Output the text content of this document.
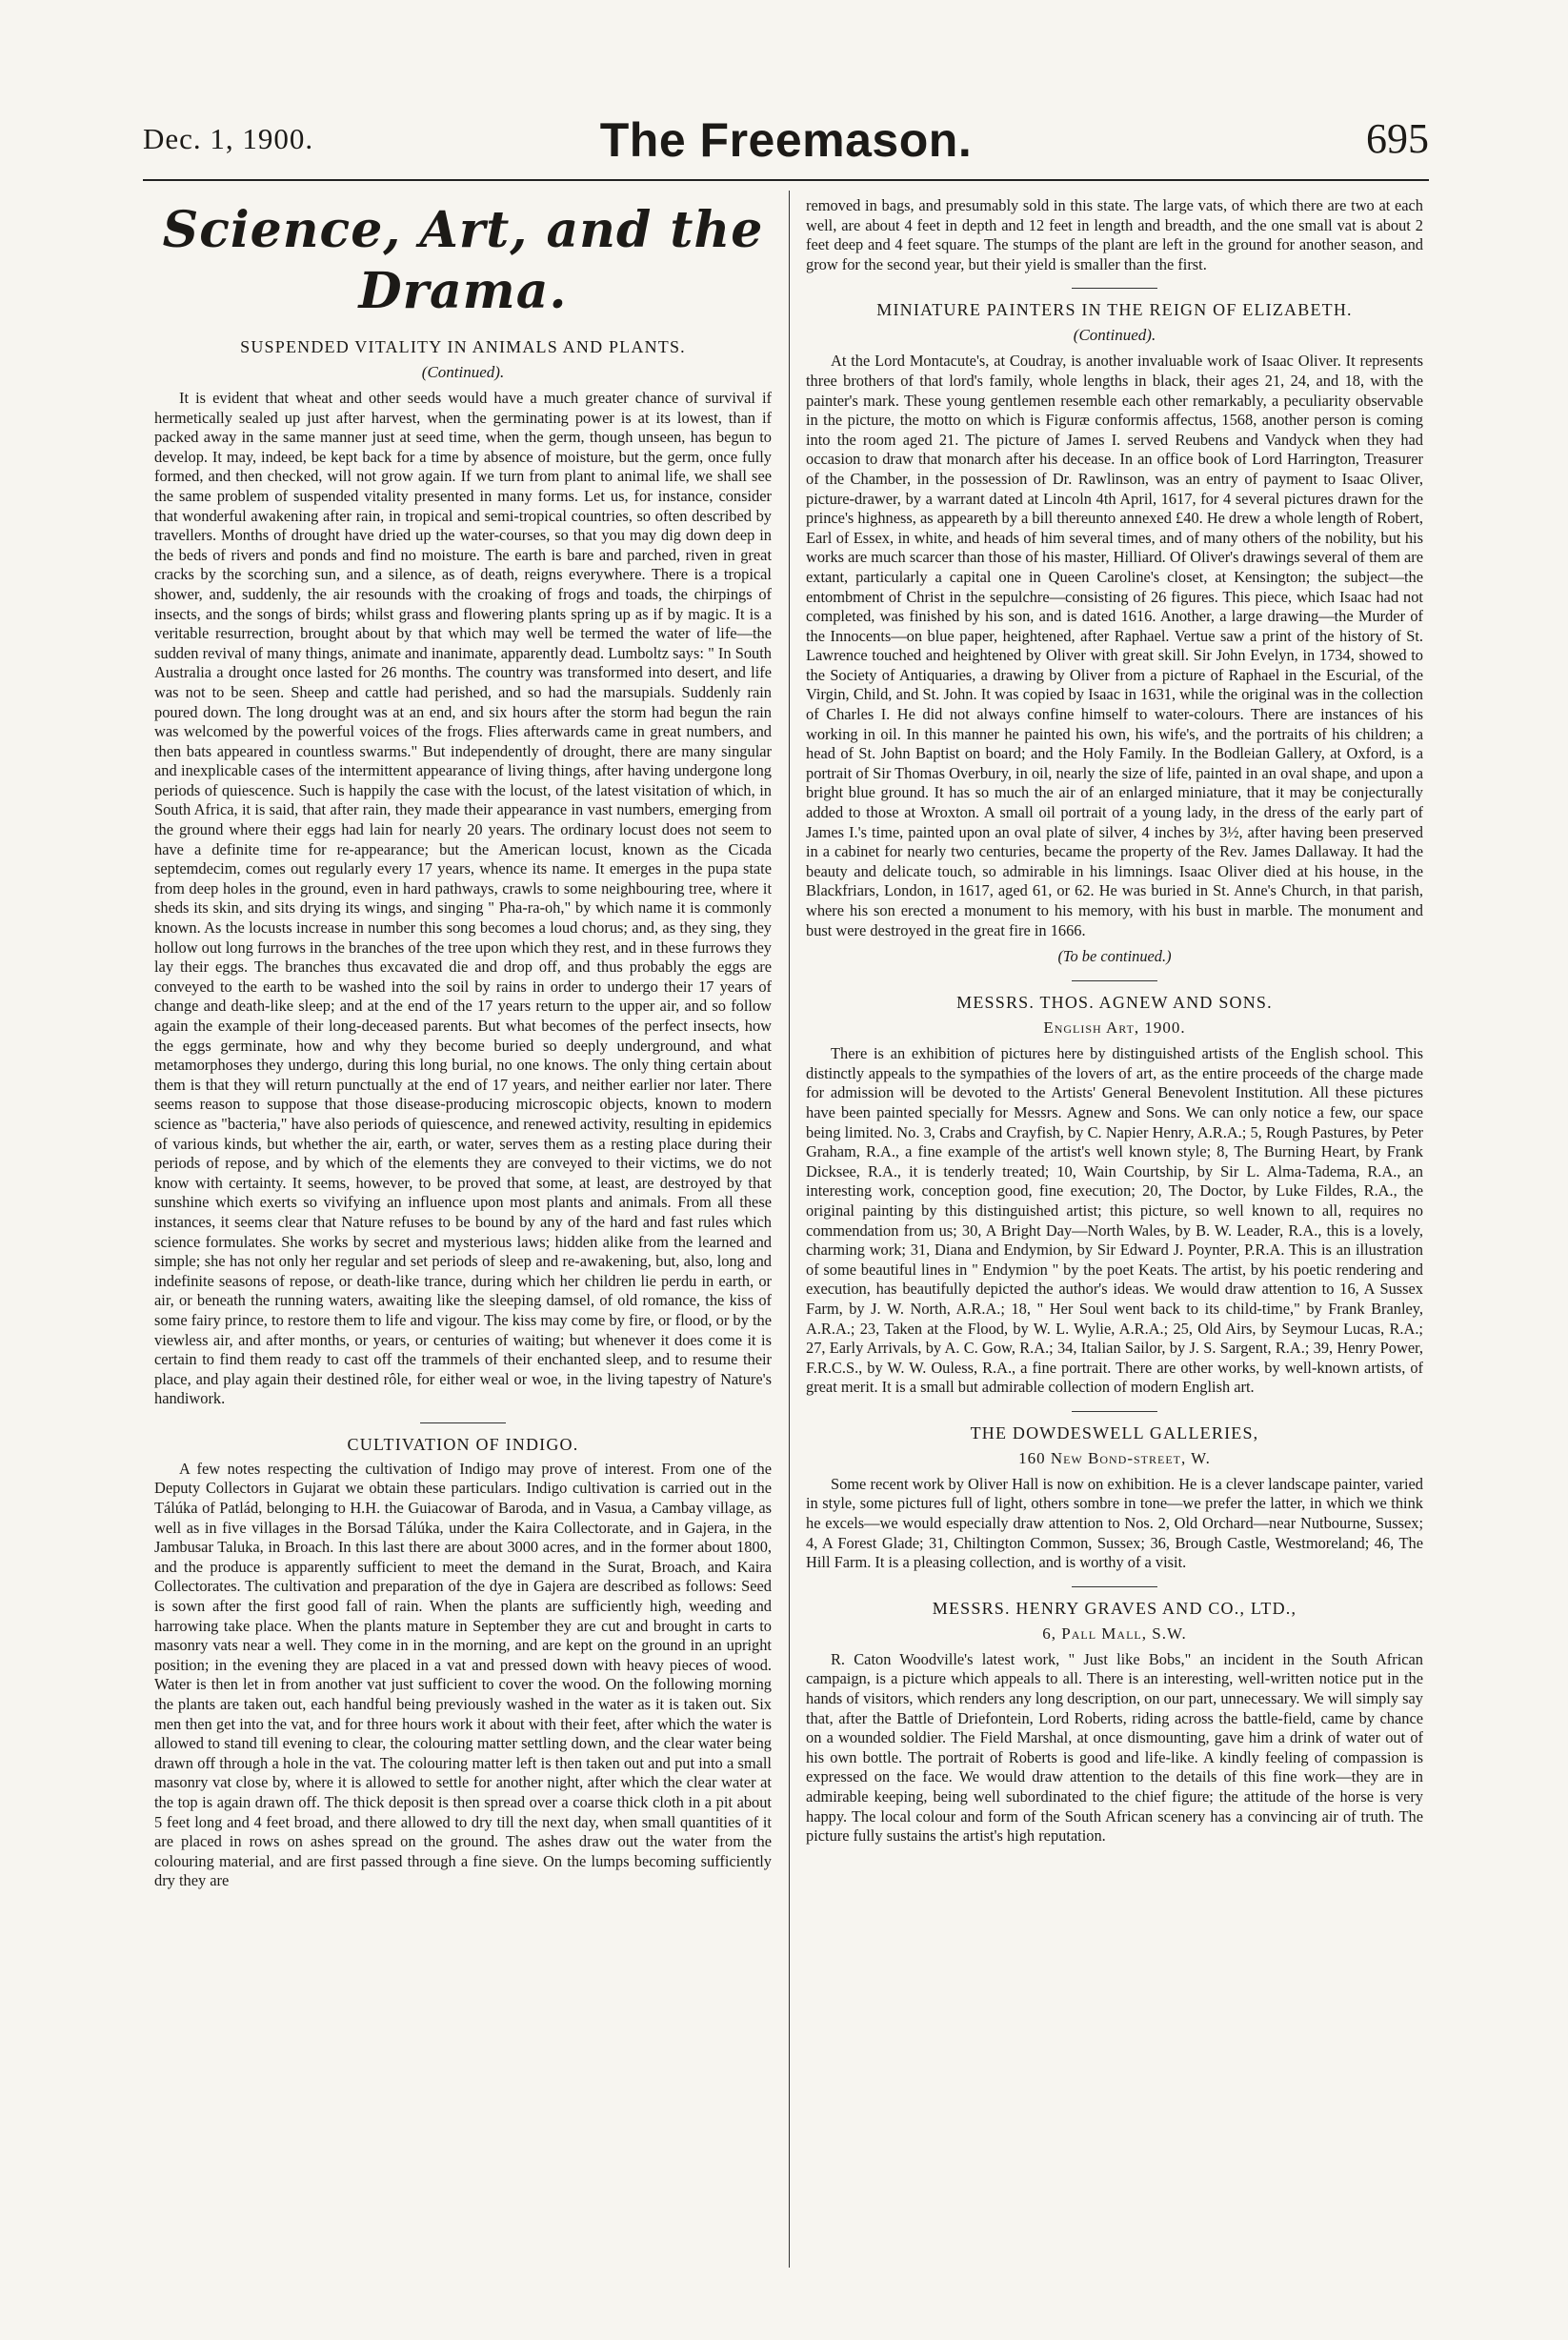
Dec. 1, 1900.	The Freemason.	695
Science, Art, and the Drama.
SUSPENDED VITALITY IN ANIMALS AND PLANTS.
(Continued).

It is evident that wheat and other seeds would have a much greater chance of survival if hermetically sealed up just after harvest, when the germinating power is at its lowest, than if packed away in the same manner just at seed time, when the germ, though unseen, has begun to develop. It may, indeed, be kept back for a time by absence of moisture, but the germ, once fully formed, and then checked, will not grow again. If we turn from plant to animal life, we shall see the same problem of suspended vitality presented in many forms. Let us, for instance, consider that wonderful awakening after rain, in tropical and semi-tropical countries, so often described by travellers. Months of drought have dried up the water-courses, so that you may dig down deep in the beds of rivers and ponds and find no moisture. The earth is bare and parched, riven in great cracks by the scorching sun, and a silence, as of death, reigns everywhere. There is a tropical shower, and, suddenly, the air resounds with the croaking of frogs and toads, the chirpings of insects, and the songs of birds; whilst grass and flowering plants spring up as if by magic. It is a veritable resurrection, brought about by that which may well be termed the water of life—the sudden revival of many things, animate and inanimate, apparently dead. Lumboltz says: " In South Australia a drought once lasted for 26 months. The country was transformed into desert, and life was not to be seen. Sheep and cattle had perished, and so had the marsupials. Suddenly rain poured down. The long drought was at an end, and six hours after the storm had begun the rain was welcomed by the powerful voices of the frogs. Flies afterwards came in great numbers, and then bats appeared in countless swarms." But independently of drought, there are many singular and inexplicable cases of the intermittent appearance of living things, after having undergone long periods of quiescence. Such is happily the case with the locust, of the latest visitation of which, in South Africa, it is said, that after rain, they made their appearance in vast numbers, emerging from the ground where their eggs had lain for nearly 20 years. The ordinary locust does not seem to have a definite time for re-appearance; but the American locust, known as the Cicada septemdecim, comes out regularly every 17 years, whence its name. It emerges in the pupa state from deep holes in the ground, even in hard pathways, crawls to some neighbouring tree, where it sheds its skin, and sits drying its wings, and singing " Pha-ra-oh," by which name it is commonly known. As the locusts increase in number this song becomes a loud chorus; and, as they sing, they hollow out long furrows in the branches of the tree upon which they rest, and in these furrows they lay their eggs. The branches thus excavated die and drop off, and thus probably the eggs are conveyed to the earth to be washed into the soil by rains in order to undergo their 17 years of change and death-like sleep; and at the end of the 17 years return to the upper air, and so follow again the example of their long-deceased parents. But what becomes of the perfect insects, how the eggs germinate, how and why they become buried so deeply underground, and what metamorphoses they undergo, during this long burial, no one knows. The only thing certain about them is that they will return punctually at the end of 17 years, and neither earlier nor later. There seems reason to suppose that those disease-producing microscopic objects, known to modern science as "bacteria," have also periods of quiescence, and renewed activity, resulting in epidemics of various kinds, but whether the air, earth, or water, serves them as a resting place during their periods of repose, and by which of the elements they are conveyed to their victims, we do not know with certainty. It seems, however, to be proved that some, at least, are destroyed by that sunshine which exerts so vivifying an influence upon most plants and animals. From all these instances, it seems clear that Nature refuses to be bound by any of the hard and fast rules which science formulates. She works by secret and mysterious laws; hidden alike from the learned and simple; she has not only her regular and set periods of sleep and re-awakening, but, also, long and indefinite seasons of repose, or death-like trance, during which her children lie perdu in earth, or air, or beneath the running waters, awaiting like the sleeping damsel, of old romance, the kiss of some fairy prince, to restore them to life and vigour. The kiss may come by fire, or flood, or by the viewless air, and after months, or years, or centuries of waiting; but whenever it does come it is certain to find them ready to cast off the trammels of their enchanted sleep, and to resume their place, and play again their destined rôle, for either weal or woe, in the living tapestry of Nature's handiwork.

CULTIVATION OF INDIGO.

A few notes respecting the cultivation of Indigo may prove of interest. From one of the Deputy Collectors in Gujarat we obtain these particulars. Indigo cultivation is carried out in the Tálúka of Patlád, belonging to H.H. the Guiacowar of Baroda, and in Vasua, a Cambay village, as well as in five villages in the Borsad Tálúka, under the Kaira Collectorate, and in Gajera, in the Jambusar Taluka, in Broach. In this last there are about 3000 acres, and in the former about 1800, and the produce is apparently sufficient to meet the demand in the Surat, Broach, and Kaira Collectorates. The cultivation and preparation of the dye in Gajera are described as follows: Seed is sown after the first good fall of rain. When the plants are sufficiently high, weeding and harrowing take place. When the plants mature in September they are cut and brought in carts to masonry vats near a well. They come in in the morning, and are kept on the ground in an upright position; in the evening they are placed in a vat and pressed down with heavy pieces of wood. Water is then let in from another vat just sufficient to cover the wood. On the following morning the plants are taken out, each handful being previously washed in the water as it is taken out. Six men then get into the vat, and for three hours work it about with their feet, after which the water is allowed to stand till evening to clear, the colouring matter settling down, and the clear water being drawn off through a hole in the vat. The colouring matter left is then taken out and put into a small masonry vat close by, where it is allowed to settle for another night, after which the clear water at the top is again drawn off. The thick deposit is then spread over a coarse thick cloth in a pit about 5 feet long and 4 feet broad, and there allowed to dry till the next day, when small quantities of it are placed in rows on ashes spread on the ground. The ashes draw out the water from the colouring material, and are first passed through a fine sieve. On the lumps becoming sufficiently dry they are

removed in bags, and presumably sold in this state. The large vats, of which there are two at each well, are about 4 feet in depth and 12 feet in length and breadth, and the one small vat is about 2 feet deep and 4 feet square. The stumps of the plant are left in the ground for another season, and grow for the second year, but their yield is smaller than the first.

MINIATURE PAINTERS IN THE REIGN OF ELIZABETH.
(Continued).

At the Lord Montacute's, at Coudray, is another invaluable work of Isaac Oliver. It represents three brothers of that lord's family, whole lengths in black, their ages 21, 24, and 18, with the painter's mark. These young gentlemen resemble each other remarkably, a peculiarity observable in the picture, the motto on which is Figuræ conformis affectus, 1568, another person is coming into the room aged 21. The picture of James I. served Reubens and Vandyck when they had occasion to draw that monarch after his decease. In an office book of Lord Harrington, Treasurer of the Chamber, in the possession of Dr. Rawlinson, was an entry of payment to Isaac Oliver, picture-drawer, by a warrant dated at Lincoln 4th April, 1617, for 4 several pictures drawn for the prince's highness, as appeareth by a bill thereunto annexed £40. He drew a whole length of Robert, Earl of Essex, in white, and heads of him several times, and of many others of the nobility, but his works are much scarcer than those of his master, Hilliard. Of Oliver's drawings several of them are extant, particularly a capital one in Queen Caroline's closet, at Kensington; the subject—the entombment of Christ in the sepulchre—consisting of 26 figures. This piece, which Isaac had not completed, was finished by his son, and is dated 1616. Another, a large drawing—the Murder of the Innocents—on blue paper, heightened, after Raphael. Vertue saw a print of the history of St. Lawrence touched and heightened by Oliver with great skill. Sir John Evelyn, in 1734, showed to the Society of Antiquaries, a drawing by Oliver from a picture of Raphael in the Escurial, of the Virgin, Child, and St. John. It was copied by Isaac in 1631, while the original was in the collection of Charles I. He did not always confine himself to water-colours. There are instances of his working in oil. In this manner he painted his own, his wife's, and the portraits of his children; a head of St. John Baptist on board; and the Holy Family. In the Bodleian Gallery, at Oxford, is a portrait of Sir Thomas Overbury, in oil, nearly the size of life, painted in an oval shape, and upon a bright blue ground. It has so much the air of an enlarged miniature, that it may be conjecturally added to those at Wroxton. A small oil portrait of a young lady, in the dress of the early part of James I.'s time, painted upon an oval plate of silver, 4 inches by 3½, after having been preserved in a cabinet for nearly two centuries, became the property of the Rev. James Dallaway. It had the beauty and delicate touch, so admirable in his limnings. Isaac Oliver died at his house, in the Blackfriars, London, in 1617, aged 61, or 62. He was buried in St. Anne's Church, in that parish, where his son erected a monument to his memory, with his bust in marble. The monument and bust were destroyed in the great fire in 1666.

(To be continued.)
MESSRS. THOS. AGNEW AND SONS.
English Art, 1900.

There is an exhibition of pictures here by distinguished artists of the English school. This distinctly appeals to the sympathies of the lovers of art, as the entire proceeds of the charge made for admission will be devoted to the Artists' General Benevolent Institution. All these pictures have been painted specially for Messrs. Agnew and Sons. We can only notice a few, our space being limited. No. 3, Crabs and Crayfish, by C. Napier Henry, A.R.A.; 5, Rough Pastures, by Peter Graham, R.A., a fine example of the artist's well known style; 8, The Burning Heart, by Frank Dicksee, R.A., it is tenderly treated; 10, Wain Courtship, by Sir L. Alma-Tadema, R.A., an interesting work, conception good, fine execution; 20, The Doctor, by Luke Fildes, R.A., the original painting by this distinguished artist; this picture, so well known to all, requires no commendation from us; 30, A Bright Day—North Wales, by B. W. Leader, R.A., this is a lovely, charming work; 31, Diana and Endymion, by Sir Edward J. Poynter, P.R.A. This is an illustration of some beautiful lines in " Endymion " by the poet Keats. The artist, by his poetic rendering and execution, has beautifully depicted the author's ideas. We would draw attention to 16, A Sussex Farm, by J. W. North, A.R.A.; 18, " Her Soul went back to its child-time," by Frank Branley, A.R.A.; 23, Taken at the Flood, by W. L. Wylie, A.R.A.; 25, Old Airs, by Seymour Lucas, R.A.; 27, Early Arrivals, by A. C. Gow, R.A.; 34, Italian Sailor, by J. S. Sargent, R.A.; 39, Henry Power, F.R.C.S., by W. W. Ouless, R.A., a fine portrait. There are other works, by well-known artists, of great merit. It is a small but admirable collection of modern English art.

THE DOWDESWELL GALLERIES,
160 New Bond-street, W.

Some recent work by Oliver Hall is now on exhibition. He is a clever landscape painter, varied in style, some pictures full of light, others sombre in tone—we prefer the latter, in which we think he excels—we would especially draw attention to Nos. 2, Old Orchard—near Nutbourne, Sussex; 4, A Forest Glade; 31, Chiltington Common, Sussex; 36, Brough Castle, Westmoreland; 46, The Hill Farm. It is a pleasing collection, and is worthy of a visit.

MESSRS. HENRY GRAVES AND CO., LTD.,
6, Pall Mall, S.W.

R. Caton Woodville's latest work, " Just like Bobs," an incident in the South African campaign, is a picture which appeals to all. There is an interesting, well-written notice put in the hands of visitors, which renders any long description, on our part, unnecessary. We will simply say that, after the Battle of Driefontein, Lord Roberts, riding across the battle-field, came by chance on a wounded soldier. The Field Marshal, at once dismounting, gave him a drink of water out of his own bottle. The portrait of Roberts is good and life-like. A kindly feeling of compassion is expressed on the face. We would draw attention to the details of this fine work—they are in admirable keeping, being well subordinated to the chief figure; the attitude of the horse is very happy. The local colour and form of the South African scenery has a convincing air of truth. The picture fully sustains the artist's high reputation.
